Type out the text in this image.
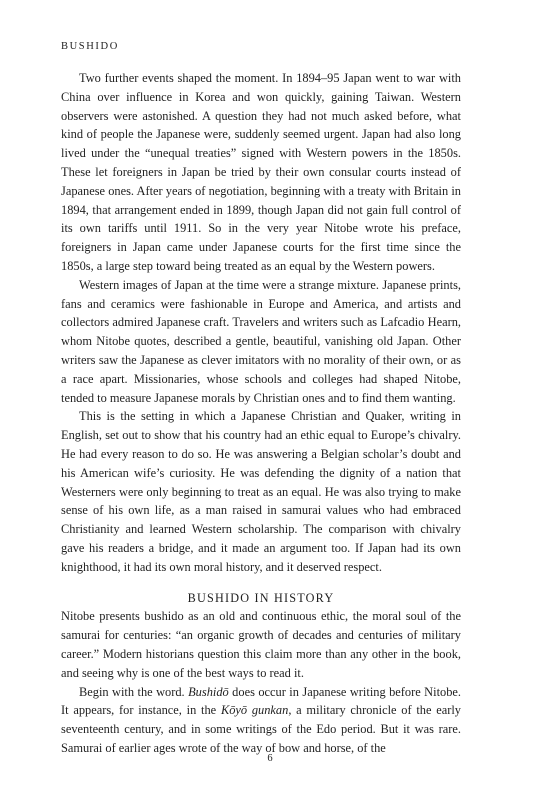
BUSHIDO

Two further events shaped the moment. In 1894–95 Japan went to war with China over influence in Korea and won quickly, gaining Taiwan. Western observers were astonished. A question they had not much asked before, what kind of people the Japanese were, suddenly seemed urgent. Japan had also long lived under the “unequal treaties” signed with Western powers in the 1850s. These let foreigners in Japan be tried by their own consular courts instead of Japanese ones. After years of negotiation, beginning with a treaty with Britain in 1894, that arrangement ended in 1899, though Japan did not gain full control of its own tariffs until 1911. So in the very year Nitobe wrote his preface, foreigners in Japan came under Japanese courts for the first time since the 1850s, a large step toward being treated as an equal by the Western powers.

Western images of Japan at the time were a strange mixture. Japanese prints, fans and ceramics were fashionable in Europe and America, and artists and collectors admired Japanese craft. Travelers and writers such as Lafcadio Hearn, whom Nitobe quotes, described a gentle, beautiful, vanishing old Japan. Other writers saw the Japanese as clever imitators with no morality of their own, or as a race apart. Missionaries, whose schools and colleges had shaped Nitobe, tended to measure Japanese morals by Christian ones and to find them wanting.

This is the setting in which a Japanese Christian and Quaker, writing in English, set out to show that his country had an ethic equal to Europe’s chivalry. He had every reason to do so. He was answering a Belgian scholar’s doubt and his American wife’s curiosity. He was defending the dignity of a nation that Westerners were only beginning to treat as an equal. He was also trying to make sense of his own life, as a man raised in samurai values who had embraced Christianity and learned Western scholarship. The comparison with chivalry gave his readers a bridge, and it made an argument too. If Japan had its own knighthood, it had its own moral history, and it deserved respect.

BUSHIDO IN HISTORY

Nitobe presents bushido as an old and continuous ethic, the moral soul of the samurai for centuries: “an organic growth of decades and centuries of military career.” Modern historians question this claim more than any other in the book, and seeing why is one of the best ways to read it.

Begin with the word. Bushidō does occur in Japanese writing before Nitobe. It appears, for instance, in the Kōyō gunkan, a military chronicle of the early seventeenth century, and in some writings of the Edo period. But it was rare. Samurai of earlier ages wrote of the way of bow and horse, of the

6
